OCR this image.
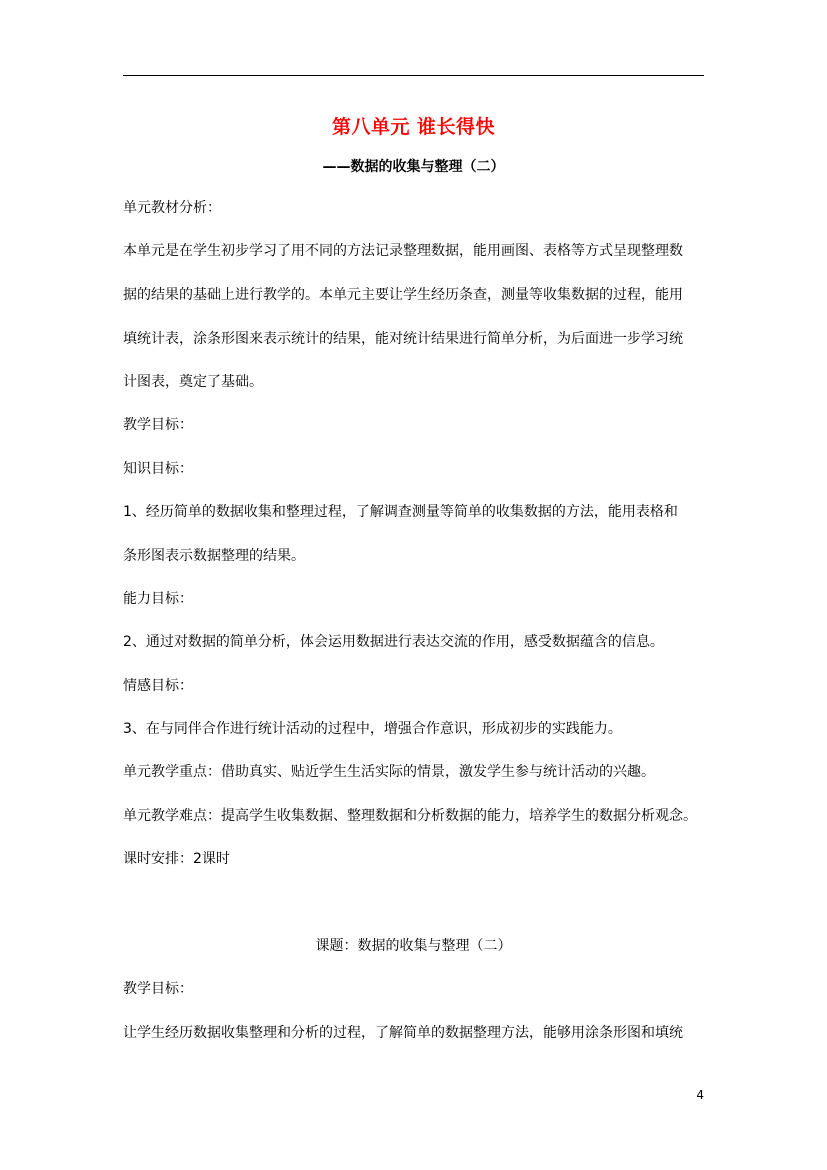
第八单元 谁长得快
——数据的收集与整理（二）
单元教材分析：
本单元是在学生初步学习了用不同的方法记录整理数据，能用画图、表格等方式呈现整理数
据的结果的基础上进行教学的。本单元主要让学生经历条查，测量等收集数据的过程，能用
填统计表，涂条形图来表示统计的结果，能对统计结果进行简单分析，为后面进一步学习统
计图表，奠定了基础。
教学目标：
知识目标：
1、经历简单的数据收集和整理过程，了解调查测量等简单的收集数据的方法，能用表格和
条形图表示数据整理的结果。
能力目标：
2、通过对数据的简单分析，体会运用数据进行表达交流的作用，感受数据蕴含的信息。
情感目标：
3、在与同伴合作进行统计活动的过程中，增强合作意识，形成初步的实践能力。
单元教学重点：借助真实、贴近学生生活实际的情景，激发学生参与统计活动的兴趣。
单元教学难点：提高学生收集数据、整理数据和分析数据的能力，培养学生的数据分析观念。
课时安排：2课时
课题：数据的收集与整理（二）
教学目标：
让学生经历数据收集整理和分析的过程，了解简单的数据整理方法，能够用涂条形图和填统
4
